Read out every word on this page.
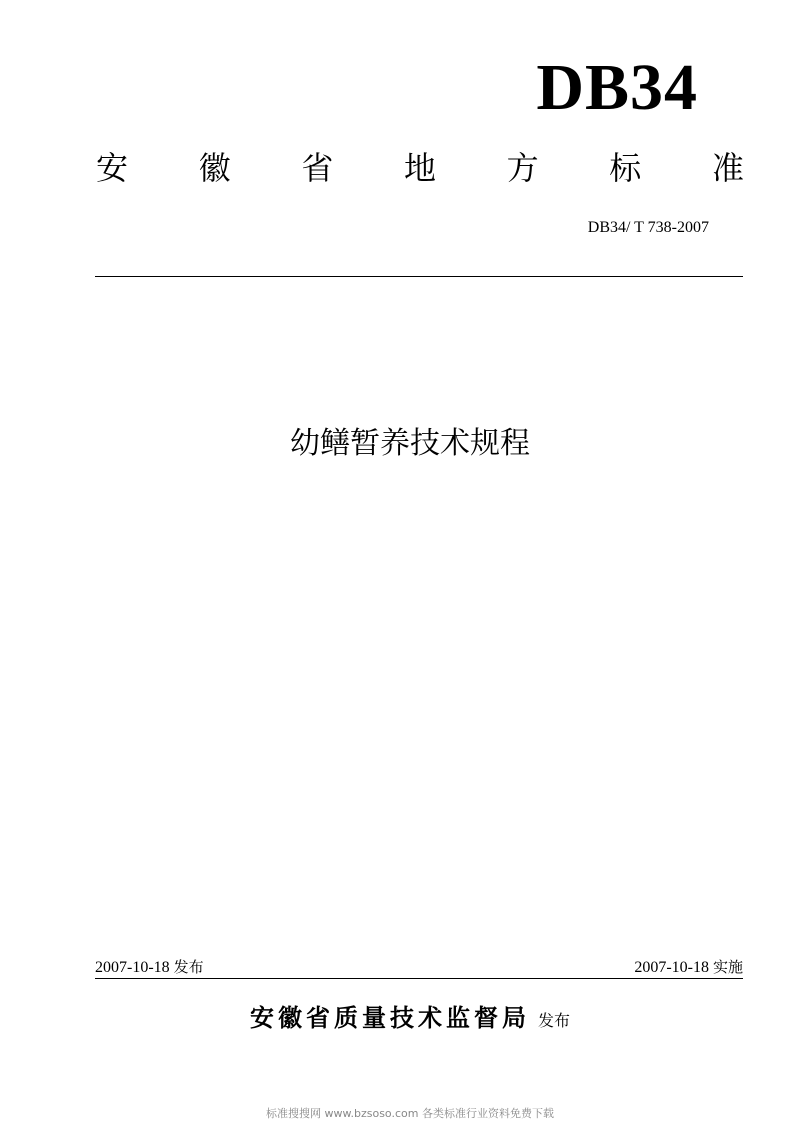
DB34
安 徽 省 地 方 标 准
DB34/ T 738-2007
幼鳝暂养技术规程
2007-10-18 发布	2007-10-18 实施
安徽省质量技术监督局 发布
标准搜搜网 www.bzsoso.com 各类标准行业资料免费下载
